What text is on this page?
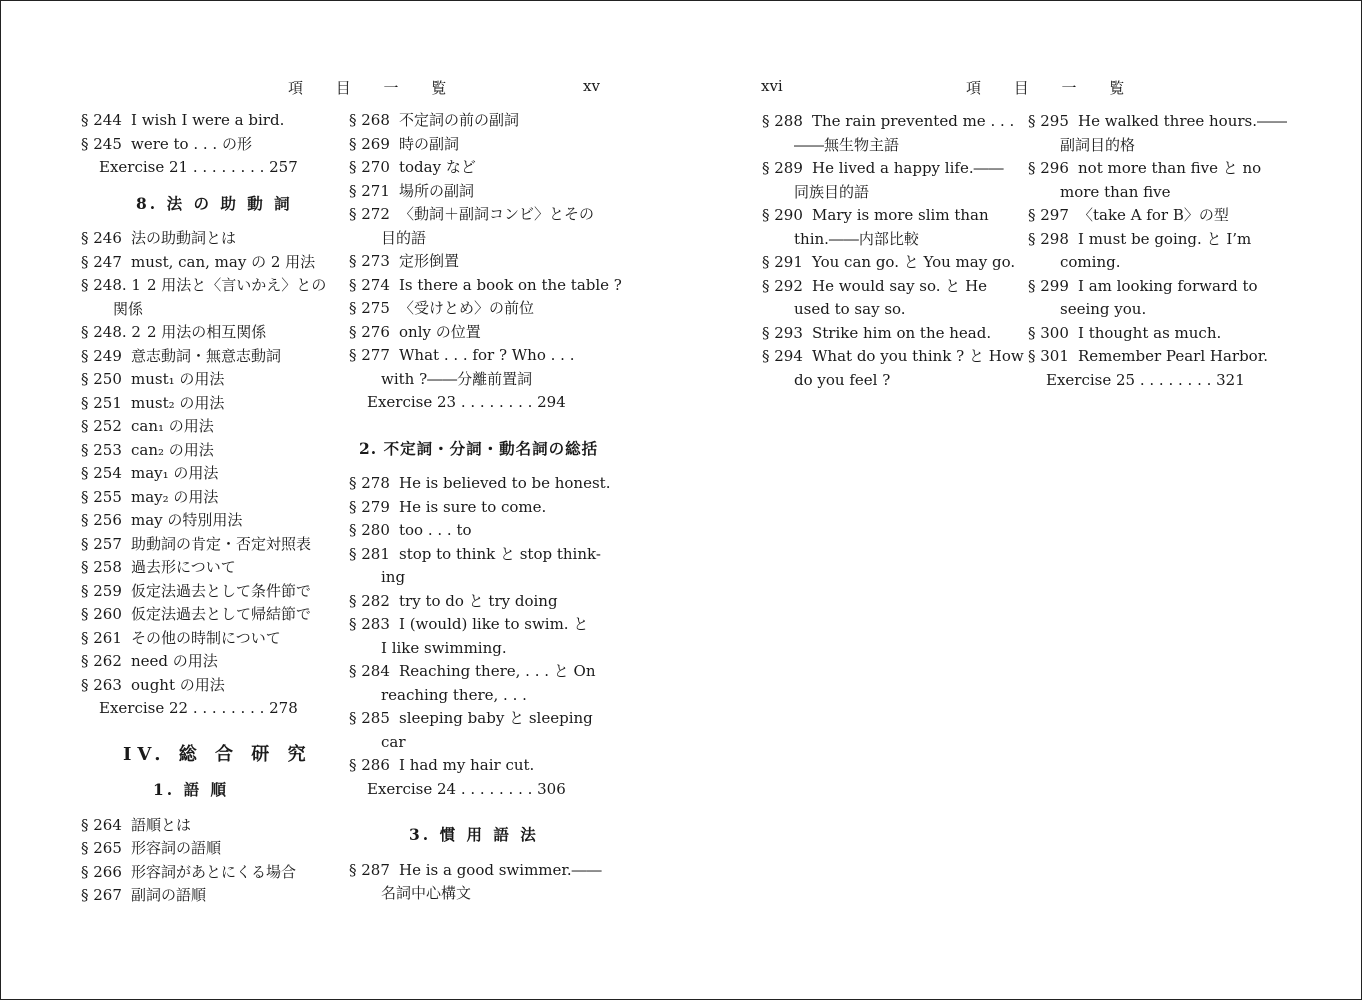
項 目 一 覧	xv
§ 244 I wish I were a bird.
§ 245 were to . . . の形
Exercise 21 . . . . . . . . 257
8. 法 の 助 動 詞
§ 246 法の助動詞とは
§ 247 must, can, may の 2 用法
§ 248. 1 2 用法と〈言いかえ〉との
関係
§ 248. 2 2 用法の相互関係
§ 249 意志動詞・無意志動詞
§ 250 must₁ の用法
§ 251 must₂ の用法
§ 252 can₁ の用法
§ 253 can₂ の用法
§ 254 may₁ の用法
§ 255 may₂ の用法
§ 256 may の特別用法
§ 257 助動詞の肯定・否定対照表
§ 258 過去形について
§ 259 仮定法過去として条件節で
§ 260 仮定法過去として帰結節で
§ 261 その他の時制について
§ 262 need の用法
§ 263 ought の用法
Exercise 22 . . . . . . . . 278
IV. 総 合 研 究
1. 語 順
§ 264 語順とは
§ 265 形容詞の語順
§ 266 形容詞があとにくる場合
§ 267 副詞の語順
§ 268 不定詞の前の副詞
§ 269 時の副詞
§ 270 today など
§ 271 場所の副詞
§ 272 〈動詞＋副詞コンビ〉とその
目的語
§ 273 定形倒置
§ 274 Is there a book on the table ?
§ 275 〈受けとめ〉の前位
§ 276 only の位置
§ 277 What . . . for ? Who . . .
with ?――分離前置詞
Exercise 23 . . . . . . . . 294
2. 不定詞・分詞・動名詞の総括
§ 278 He is believed to be honest.
§ 279 He is sure to come.
§ 280 too . . . to
§ 281 stop to think と stop think-
ing
§ 282 try to do と try doing
§ 283 I (would) like to swim. と
I like swimming.
§ 284 Reaching there, . . . と On
reaching there, . . .
§ 285 sleeping baby と sleeping
car
§ 286 I had my hair cut.
Exercise 24 . . . . . . . . 306
3. 慣 用 語 法
§ 287 He is a good swimmer.――
名詞中心構文
xvi	項 目 一 覧
§ 288 The rain prevented me . . .
――無生物主語
§ 289 He lived a happy life.――
同族目的語
§ 290 Mary is more slim than
thin.――内部比較
§ 291 You can go. と You may go.
§ 292 He would say so. と He
used to say so.
§ 293 Strike him on the head.
§ 294 What do you think ? と How
do you feel ?
§ 295 He walked three hours.――
副詞目的格
§ 296 not more than five と no
more than five
§ 297 〈take A for B〉の型
§ 298 I must be going. と I’m
coming.
§ 299 I am looking forward to
seeing you.
§ 300 I thought as much.
§ 301 Remember Pearl Harbor.
Exercise 25 . . . . . . . . 321
